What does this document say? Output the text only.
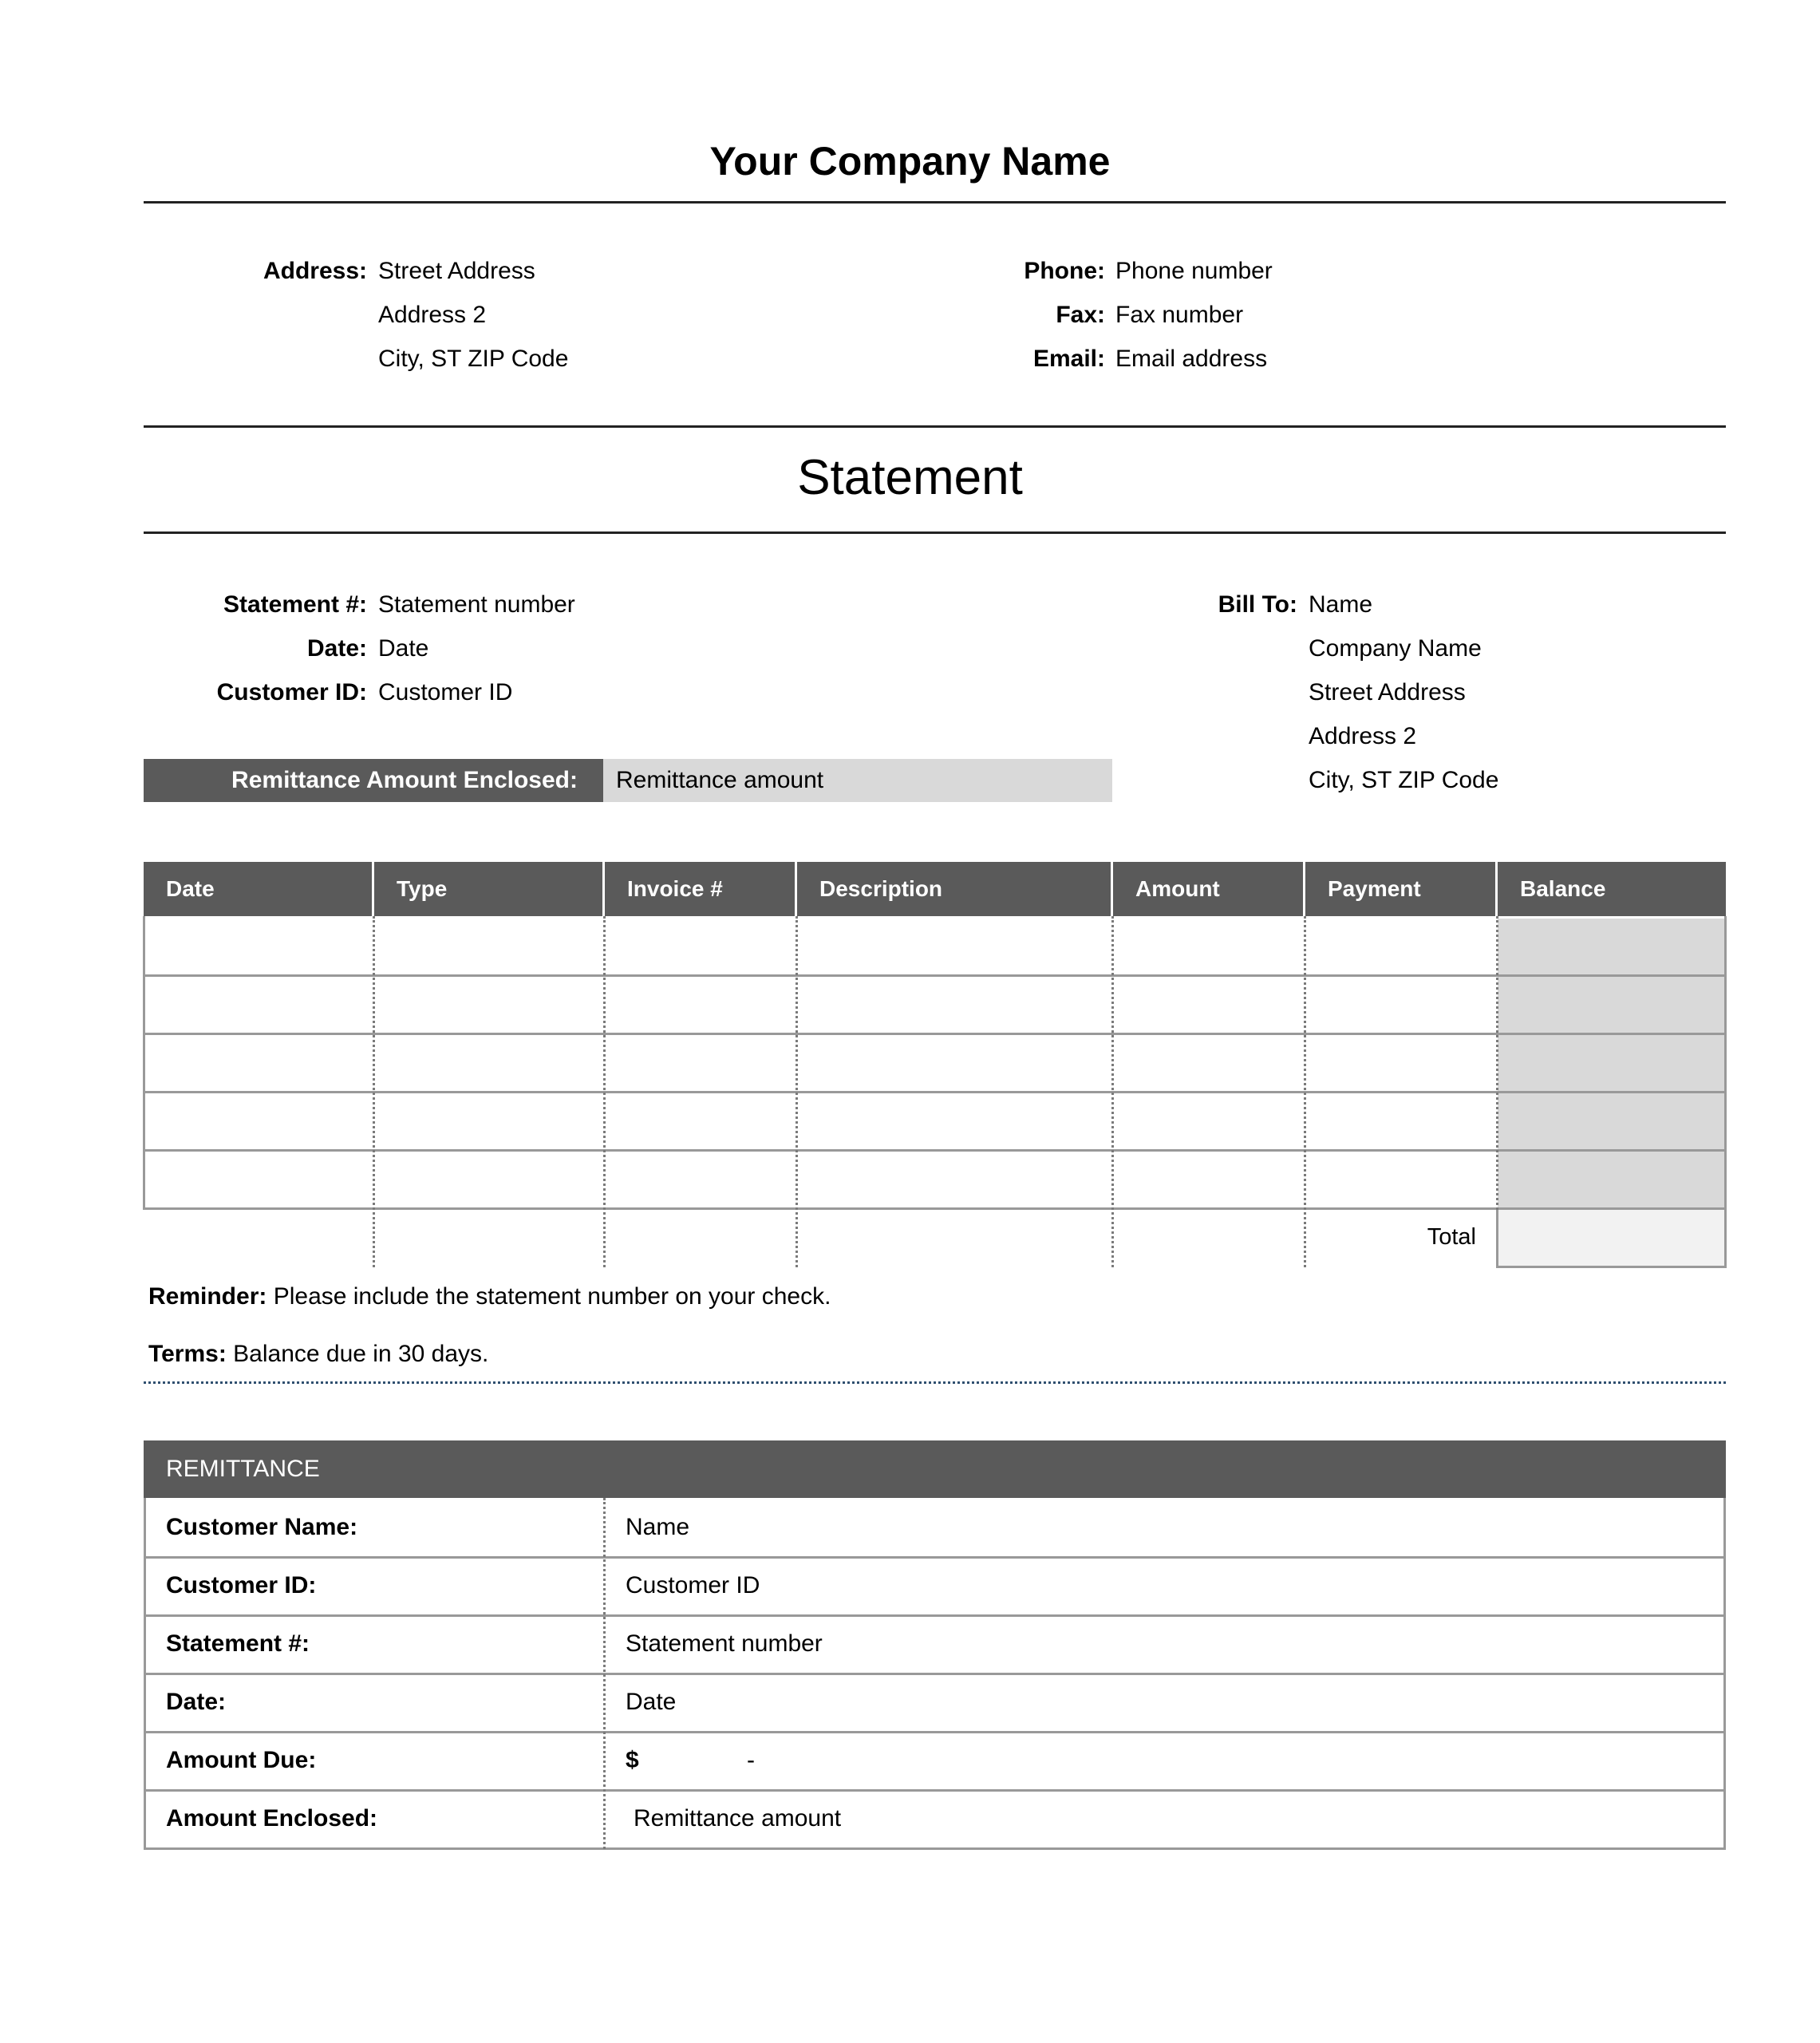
Your Company Name
Address: Street Address
Address 2
City, ST ZIP Code
Phone: Phone number
Fax: Fax number
Email: Email address
Statement
Statement #: Statement number
Date: Date
Customer ID: Customer ID
Remittance Amount Enclosed:	Remittance amount
Bill To: Name
Company Name
Street Address
Address 2
City, ST ZIP Code
Date	Type	Invoice #	Description	Amount	Payment	Balance
Total
Reminder: Please include the statement number on your check.
Terms: Balance due in 30 days.
REMITTANCE
Customer Name:	Name
Customer ID:	Customer ID
Statement #:	Statement number
Date:	Date
Amount Due:	$	-
Amount Enclosed:	Remittance amount
